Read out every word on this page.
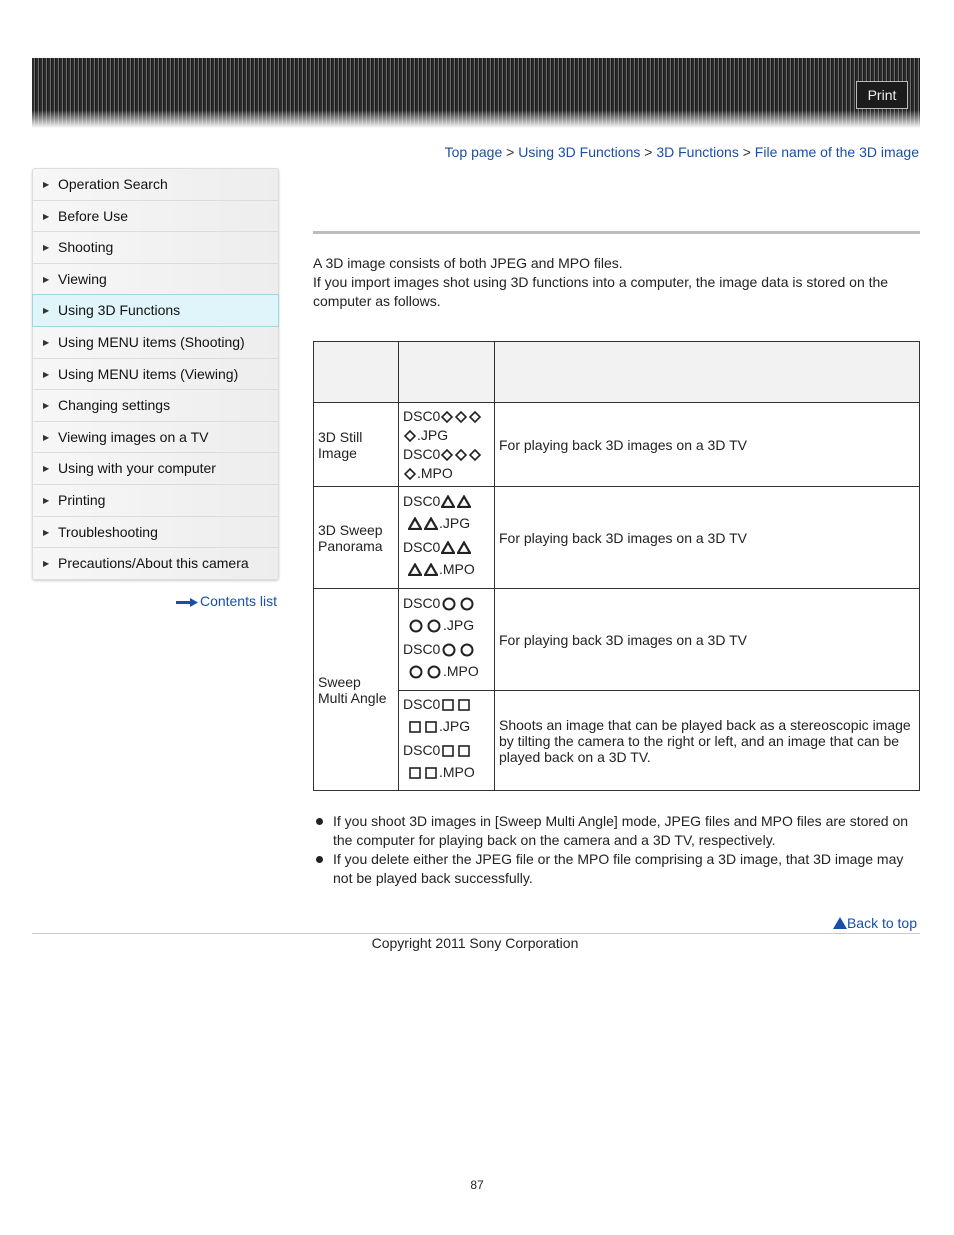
Print
Top page > Using 3D Functions > 3D Functions > File name of the 3D image
▶ Operation Search
▶ Before Use
▶ Shooting
▶ Viewing
▶ Using 3D Functions
▶ Using MENU items (Shooting)
▶ Using MENU items (Viewing)
▶ Changing settings
▶ Viewing images on a TV
▶ Using with your computer
▶ Printing
▶ Troubleshooting
▶ Precautions/About this camera
Contents list
A 3D image consists of both JPEG and MPO files.
If you import images shot using 3D functions into a computer, the image data is stored on the computer as follows.

3D Still Image	DSC0
.JPG
DSC0
.MPO	For playing back 3D images on a 3D TV
3D Sweep Panorama	DSC0
.JPG
DSC0
.MPO	For playing back 3D images on a 3D TV
Sweep Multi Angle	DSC0
.JPG
DSC0
.MPO	For playing back 3D images on a 3D TV

	DSC0
.JPG
DSC0
.MPO	Shoots an image that can be played back as a stereoscopic image by tilting the camera to the right or left, and an image that can be played back on a 3D TV.
If you shoot 3D images in [Sweep Multi Angle] mode, JPEG files and MPO files are stored on the computer for playing back on the camera and a 3D TV, respectively.
If you delete either the JPEG file or the MPO file comprising a 3D image, that 3D image may not be played back successfully.
Back to top
Copyright 2011 Sony Corporation
87
